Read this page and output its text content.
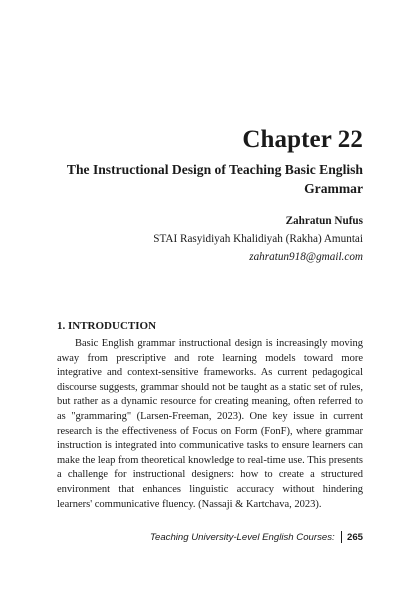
Chapter 22
The Instructional Design of Teaching Basic English Grammar
Zahratun Nufus
STAI Rasyidiyah Khalidiyah (Rakha) Amuntai
zahratun918@gmail.com
1. INTRODUCTION

Basic English grammar instructional design is increasingly moving away from prescriptive and rote learning models toward more integrative and context-sensitive frameworks. As current pedagogical discourse suggests, grammar should not be taught as a static set of rules, but rather as a dynamic resource for creating meaning, often referred to as "grammaring" (Larsen-Freeman, 2023). One key issue in current research is the effectiveness of Focus on Form (FonF), where grammar instruction is integrated into communicative tasks to ensure learners can make the leap from theoretical knowledge to real-time use. This presents a challenge for instructional designers: how to create a structured environment that enhances linguistic accuracy without hindering learners' communicative fluency. (Nassaji & Kartchava, 2023).

Teaching University-Level English Courses: 265
